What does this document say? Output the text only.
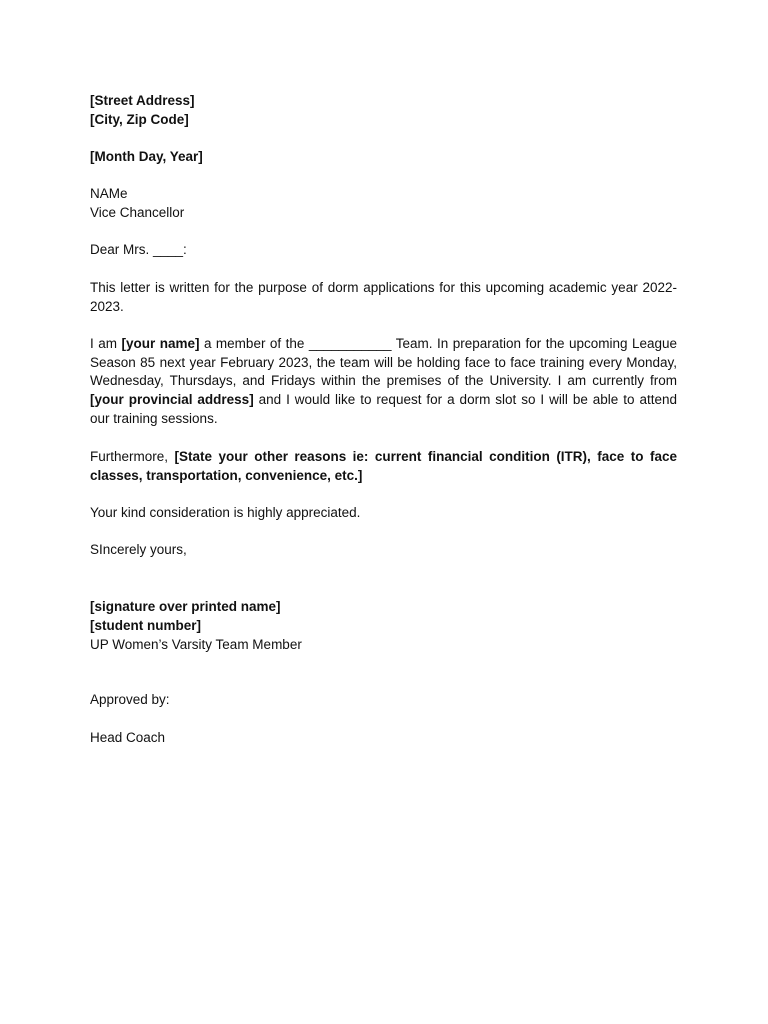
[Street Address]
[City, Zip Code]
[Month Day, Year]
NAMe
Vice Chancellor
Dear Mrs. ____:

This letter is written for the purpose of dorm applications for this upcoming academic year 2022-2023.

I am [your name] a member of the ___________ Team. In preparation for the upcoming League Season 85 next year February 2023, the team will be holding face to face training every Monday, Wednesday, Thursdays, and Fridays within the premises of the University. I am currently from [your provincial address] and I would like to request for a dorm slot so I will be able to attend our training sessions.

Furthermore, [State your other reasons ie: current financial condition (ITR), face to face classes, transportation, convenience, etc.]

Your kind consideration is highly appreciated.
SIncerely yours,
[signature over printed name]
[student number]
UP Women’s Varsity Team Member
Approved by:
Head Coach
